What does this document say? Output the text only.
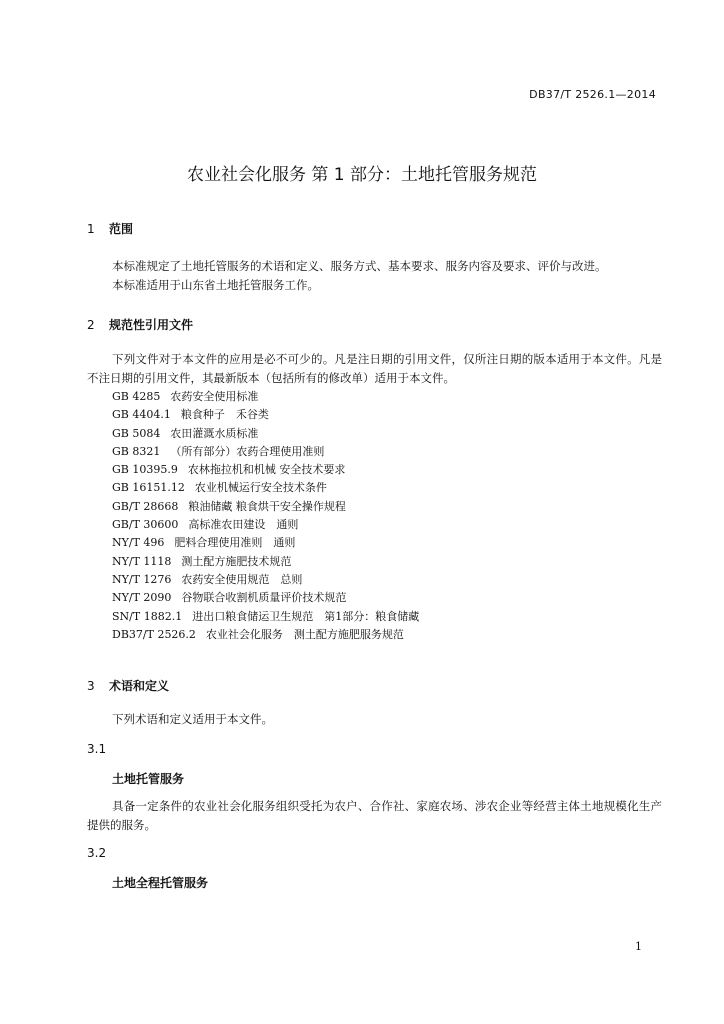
DB37/T 2526.1—2014
农业社会化服务 第 1 部分：土地托管服务规范
1 范围
本标准规定了土地托管服务的术语和定义、服务方式、基本要求、服务内容及要求、评价与改进。
本标准适用于山东省土地托管服务工作。
2 规范性引用文件
下列文件对于本文件的应用是必不可少的。凡是注日期的引用文件，仅所注日期的版本适用于本文件。凡是不注日期的引用文件，其最新版本（包括所有的修改单）适用于本文件。
GB 4285 农药安全使用标准
GB 4404.1 粮食种子　禾谷类
GB 5084 农田灌溉水质标准
GB 8321 （所有部分）农药合理使用准则
GB 10395.9 农林拖拉机和机械 安全技术要求
GB 16151.12 农业机械运行安全技术条件
GB/T 28668 粮油储藏 粮食烘干安全操作规程
GB/T 30600 高标准农田建设　通则
NY/T 496 肥料合理使用准则　通则
NY/T 1118 测土配方施肥技术规范
NY/T 1276 农药安全使用规范　总则
NY/T 2090 谷物联合收割机质量评价技术规范
SN/T 1882.1 进出口粮食储运卫生规范　第1部分：粮食储藏
DB37/T 2526.2 农业社会化服务　测土配方施肥服务规范
3 术语和定义
下列术语和定义适用于本文件。
3.1
土地托管服务
具备一定条件的农业社会化服务组织受托为农户、合作社、家庭农场、涉农企业等经营主体土地规模化生产提供的服务。
3.2
土地全程托管服务
1
